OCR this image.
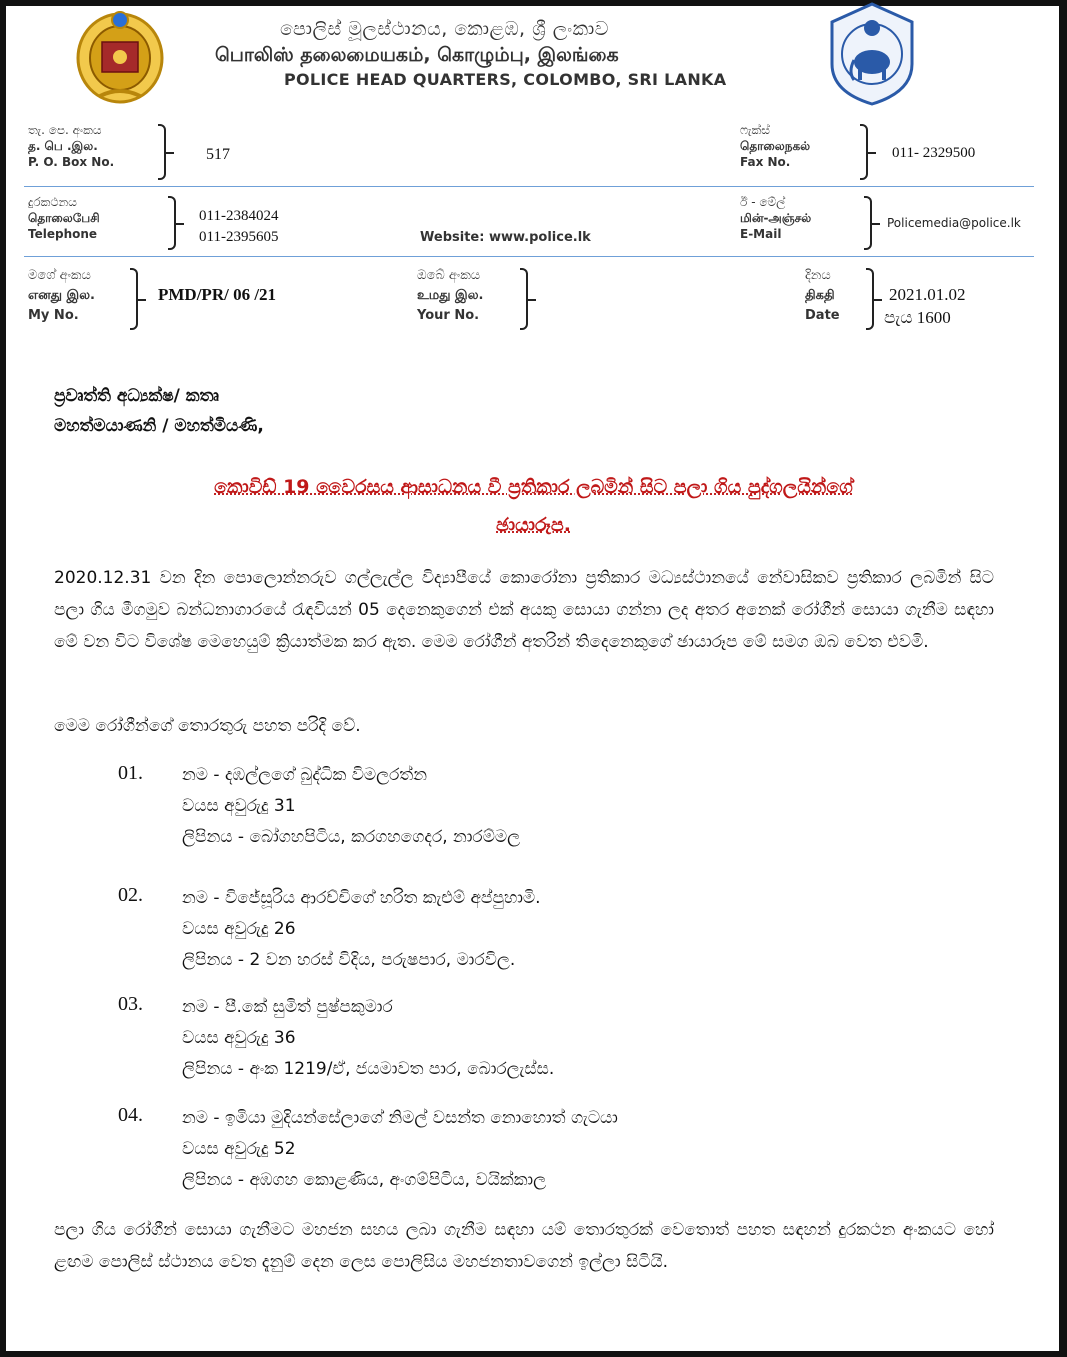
පොලිස් මූලස්ථානය, කොළඹ, ශ්‍රී ලංකාව
பொலிஸ் தலைமையகம், கொழும்பு, இலங்கை
POLICE HEAD QUARTERS, COLOMBO, SRI LANKA
තැ. පෙ. අංකය
த. பெ .இல.
P. O. Box No.	517
ෆැක්ස්
தொலைநகல்
Fax No.
011- 2329500
දුරකථනය
தொலைபேசி
Telephone
011-2384024
011-2395605	Website: www.police.lk
ඊ - මේල්
மின்-அஞ்சல்
E-Mail
Policemedia@police.lk
මගේ අංකය
எனது இல.
My No.
PMD/PR/ 06 /21
ඔබේ අංකය
உமது இல.
Your No.
දිනය
திகதி
Date
2021.01.02
පැය 1600
ප්‍රවෘත්ති අධ්‍යක්ෂ/ කතෘ
මහත්මයාණනි / මහත්මියණි,
කොවිඩ් 19 වෛරසය ආසාධනය වී ප්‍රතිකාර ලබමින් සිට පලා ගිය පුද්ගලයින්ගේ
ඡායාරූප.
2020.12.31 වන දින පොලොන්නරුව ගල්ලැල්ල විද්‍යාපීයේ කොරෝනා ප්‍රතිකාර මධ්‍යස්ථානයේ නේවාසිකව ප්‍රතිකාර ලබමින් සිට පලා ගිය මීගමුව බන්ධනාගාරයේ රැඳවියන් 05 දෙනෙකුගෙන් එක් අයකු සොයා ගන්නා ලද අතර අනෙක් රෝගීන් සොයා ගැනීම සඳහා මේ වන විට විශේෂ මෙහෙයුම් ක්‍රියාත්මක කර ඇත. මෙම රෝගීන් අතරින් තිදෙනෙකුගේ ඡායාරූප මේ සමග ඔබ වෙත එවමි.
මෙම රෝගීන්ගේ තොරතුරු පහත පරිදි වේ.
01. නම - දඹල්ලගේ බුද්ධික විමලරත්න
වයස අවුරුදු 31
ලිපිනය - බෝගහපිටිය, කරගහගෙදර, නාරම්මල
02. නම - විජේසූරිය ආරච්චිගේ හරිත කැළුම් අප්පුහාමි.
වයස අවුරුදු 26
ලිපිනය - 2 වන හරස් විදිය, පරුෂපාර, මාරවිල.
03. නම - පී.කේ සුමිත් පුෂ්පකුමාර
වයස අවුරුදු 36
ලිපිනය - අංක 1219/ඒ, ජයමාවත පාර, බොරලැස්ස.
04. නම - ඉමියා මුදියන්සේලාගේ නිමල් වසන්ත නොහොත් ගැටයා
වයස අවුරුදු 52
ලිපිනය - අඹගහ කොළණිය, අංගම්පිටිය, වයික්කාල
පලා ගිය රෝගීන් සොයා ගැනීමට මහජන සහය ලබා ගැනීම සඳහා යම් තොරතුරක් වෙතොත් පහත සඳහන් දුරකථන අංකයට හෝ ළඟම පොලිස් ස්ථානය වෙත දැනුම් දෙන ලෙස පොලිසිය මහජනතාවගෙන් ඉල්ලා සිටියි.
